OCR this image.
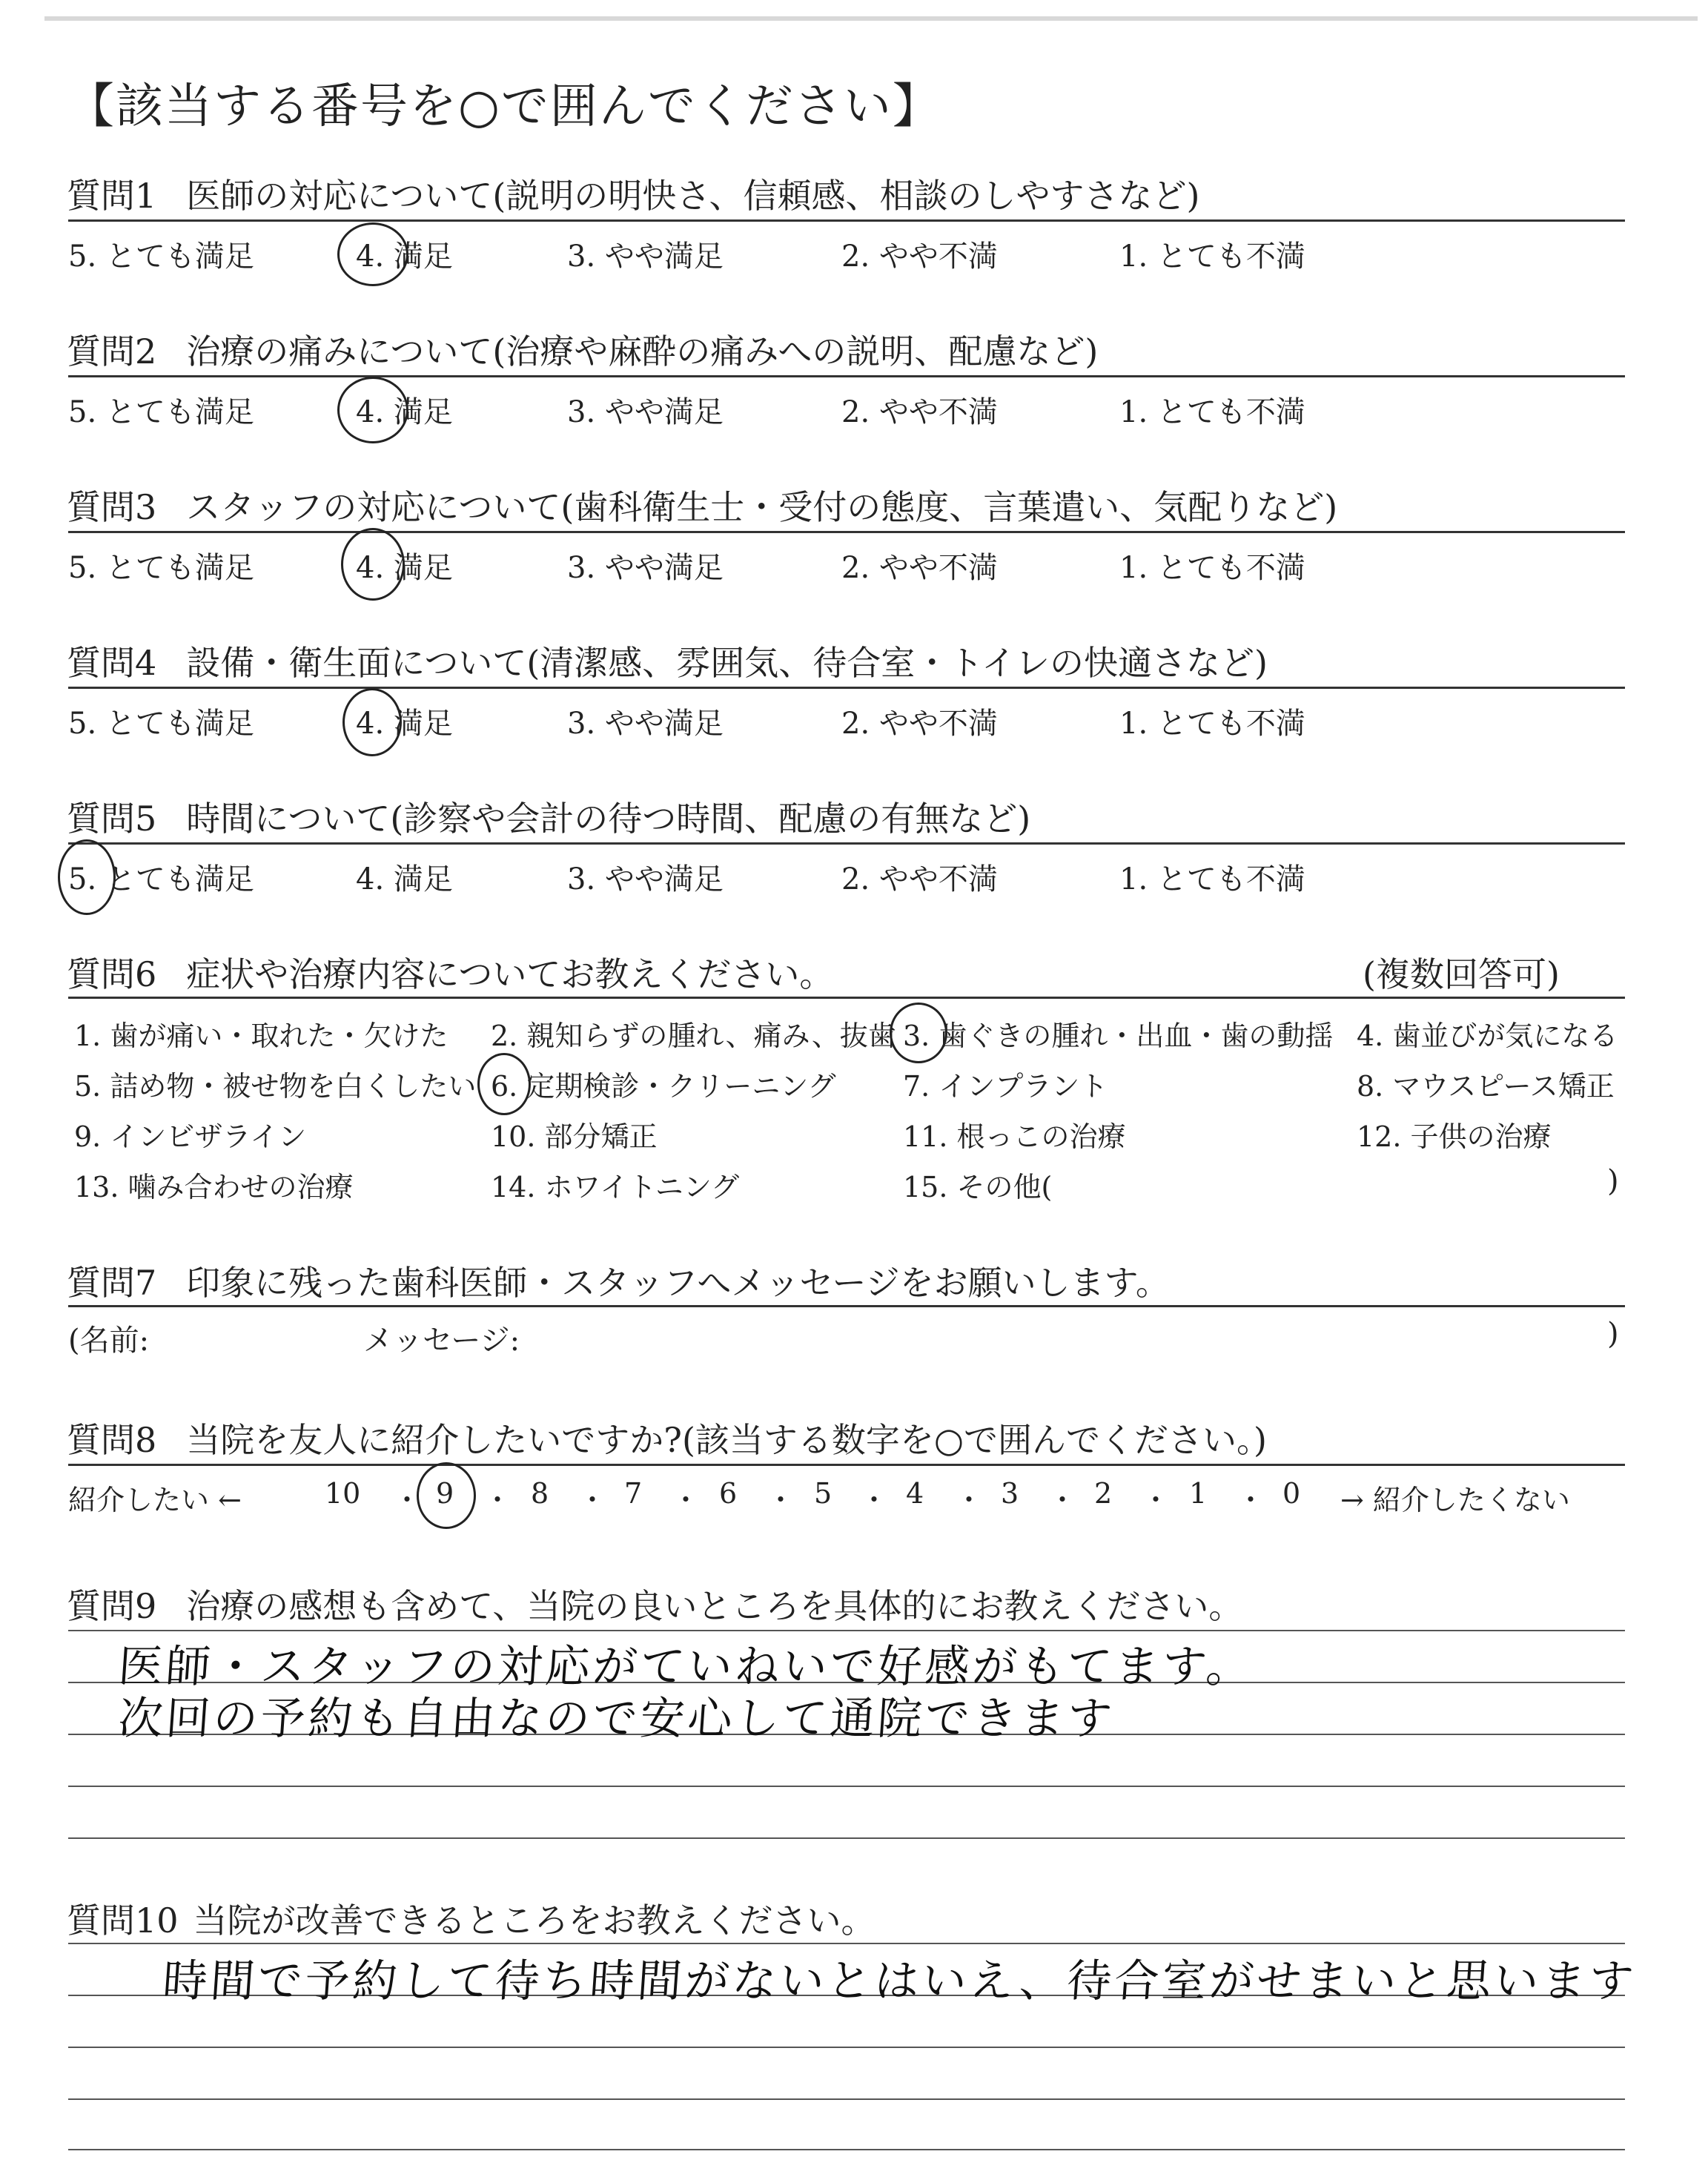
【該当する番号を○で囲んでください】
質問1 医師の対応について(説明の明快さ、信頼感、相談のしやすさなど)
5. とても満足	4. 満足	3. やや満足	2. やや不満	1. とても不満
質問2 治療の痛みについて(治療や麻酔の痛みへの説明、配慮など)
5. とても満足	4. 満足	3. やや満足	2. やや不満	1. とても不満
質問3 スタッフの対応について(歯科衛生士・受付の態度、言葉遣い、気配りなど)
5. とても満足	4. 満足	3. やや満足	2. やや不満	1. とても不満
質問4 設備・衛生面について(清潔感、雰囲気、待合室・トイレの快適さなど)
5. とても満足	4. 満足	3. やや満足	2. やや不満	1. とても不満
質問5 時間について(診察や会計の待つ時間、配慮の有無など)
5. とても満足	4. 満足	3. やや満足	2. やや不満	1. とても不満
質問6 症状や治療内容についてお教えください。	(複数回答可)
1. 歯が痛い・取れた・欠けた 2. 親知らずの腫れ、痛み、抜歯 3. 歯ぐきの腫れ・出血・歯の動揺 4. 歯並びが気になる
5. 詰め物・被せ物を白くしたい 6. 定期検診・クリーニング 7. インプラント	8. マウスピース矯正
9. インビザライン	10. 部分矯正	11. 根っこの治療	12. 子供の治療
13. 噛み合わせの治療	14. ホワイトニング	15. その他(	)
質問7 印象に残った歯科医師・スタッフへメッセージをお願いします。
(名前:	メッセージ:	)
質問8 当院を友人に紹介したいですか?(該当する数字を○で囲んでください。)
紹介したい ←	→ 紹介したくない
10 ・ 9 ・ 8 ・ 7 ・ 6 ・ 5 ・ 4 ・ 3 ・ 2 ・ 1 ・ 0
質問9 治療の感想も含めて、当院の良いところを具体的にお教えください。
医師・スタッフの対応がていねいで好感がもてます。
次回の予約も自由なので安心して通院できます
質問10 当院が改善できるところをお教えください。
時間で予約して待ち時間がないとはいえ、待合室がせまいと思います
